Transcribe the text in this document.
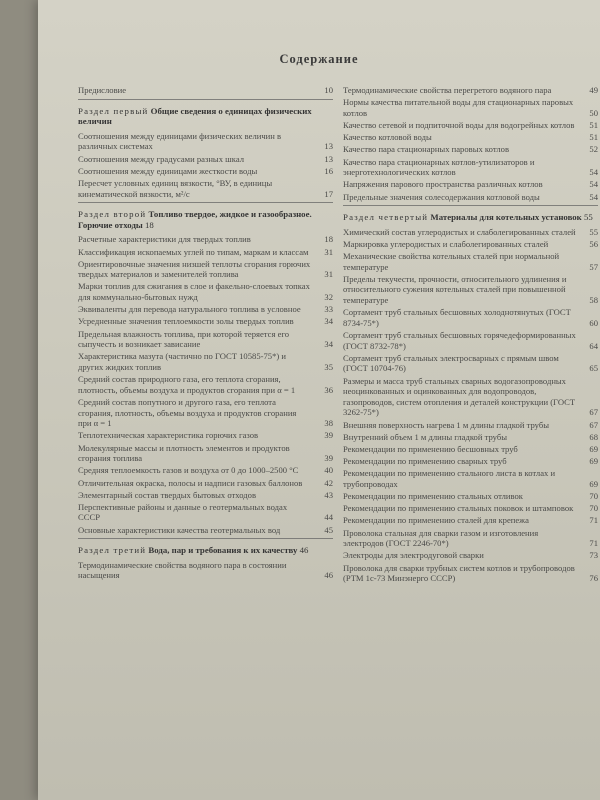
Содержание
Предисловие	10
Раздел первый Общие сведения о единицах физических величин
Соотношения между единицами физических величин в различных системах	13
Соотношения между градусами разных шкал	13
Соотношения между единицами жесткости воды	16
Пересчет условных единиц вязкости, °ВУ, в единицы кинематической вязкости, м²/с	17
Раздел второй Топливо твердое, жидкое и газообразное. Горючие отходы 18
Расчетные характеристики для твердых топлив	18
Классификация ископаемых углей по типам, маркам и классам	31
Ориентировочные значения низшей теплоты сгорания горючих твердых материалов и заменителей топлива	31
Марки топлив для сжигания в слое и факельно-слоевых топках для коммунально-бытовых нужд	32
Эквиваленты для перевода натурального топлива в условное	33
Усредненные значения теплоемкости золы твердых топлив	34
Предельная влажность топлива, при которой теряется его сыпучесть и возникает зависание	34
Характеристика мазута (частично по ГОСТ 10585-75*) и других жидких топлив	35
Средний состав природного газа, его теплота сгорания, плотность, объемы воздуха и продуктов сгорания при α = 1	36
Средний состав попутного и другого газа, его теплота сгорания, плотность, объемы воздуха и продуктов сгорания при α = 1	38
Теплотехническая характеристика горючих газов	39
Молекулярные массы и плотность элементов и продуктов сгорания топлива	39
Средняя теплоемкость газов и воздуха от 0 до 1000–2500 °С	40
Отличительная окраска, полосы и надписи газовых баллонов	42
Элементарный состав твердых бытовых отходов	43
Перспективные районы и данные о геотермальных водах СССР	44
Основные характеристики качества геотермальных вод	45
Раздел третий Вода, пар и требования к их качеству 46
Термодинамические свойства водяного пара в состоянии насыщения	46
Термодинамические свойства перегретого водяного пара	49
Нормы качества питательной воды для стационарных паровых котлов	50
Качество сетевой и подпиточной воды для водогрейных котлов	51
Качество котловой воды	51
Качество пара стационарных паровых котлов	52
Качество пара стационарных котлов-утилизаторов и энерготехнологических котлов	54
Напряжения парового пространства различных котлов	54
Предельные значения солесодержания котловой воды	54
Раздел четвертый Материалы для котельных установок 55
Химический состав углеродистых и слаболегированных сталей	55
Маркировка углеродистых и слаболегированных сталей	56
Механические свойства котельных сталей при нормальной температуре	57
Пределы текучести, прочности, относительного удлинения и относительного сужения котельных сталей при повышенной температуре	58
Сортамент труб стальных бесшовных холоднотянутых (ГОСТ 8734-75*)	60
Сортамент труб стальных бесшовных горячедеформированных (ГОСТ 8732-78*)	64
Сортамент труб стальных электросварных с прямым швом (ГОСТ 10704-76)	65
Размеры и масса труб стальных сварных водогазопроводных неоцинкованных и оцинкованных для водопроводов, газопроводов, систем отопления и деталей конструкции (ГОСТ 3262-75*)	67
Внешняя поверхность нагрева 1 м длины гладкой трубы	67
Внутренний объем 1 м длины гладкой трубы	68
Рекомендации по применению бесшовных труб	69
Рекомендации по применению сварных труб	69
Рекомендации по применению стального листа в котлах и трубопроводах	69
Рекомендации по применению стальных отливок	70
Рекомендации по применению стальных поковок и штамповок	70
Рекомендации по применению сталей для крепежа	71
Проволока стальная для сварки газом и изготовления электродов (ГОСТ 2246-70*)	71
Электроды для электродуговой сварки	73
Проволока для сварки трубных систем котлов и трубопроводов (РТМ 1с-73 Минэнерго СССР)	76
